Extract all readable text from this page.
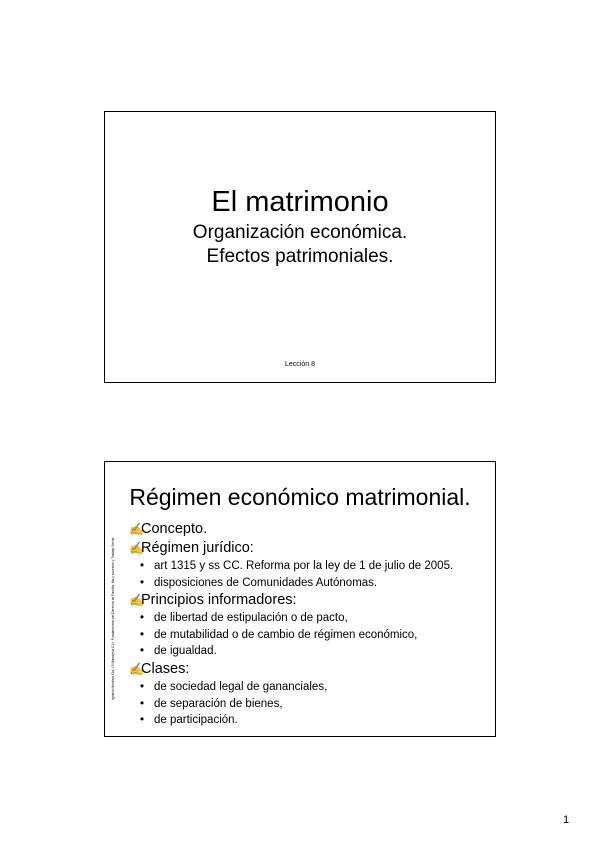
El matrimonio
Organización económica.
Efectos patrimoniales.
Lección 8
Régimen económico matrimonial.
Ignacio Moralejo Cia, 15 Marzo/n/a C.f.t. Fundamentos del Derecho de Familia, Ma y sucesión y Trabajo Social
✍Concepto.
✍Régimen jurídico:
• art 1315 y ss CC. Reforma por la ley de 1 de julio de 2005.
• disposiciones de Comunidades Autónomas.
✍Principios informadores:
• de libertad de estipulación o de pacto,
• de mutabilidad o de cambio de régimen económico,
• de igualdad.
✍Clases:
• de sociedad legal de gananciales,
• de separación de bienes,
• de participación.
1
